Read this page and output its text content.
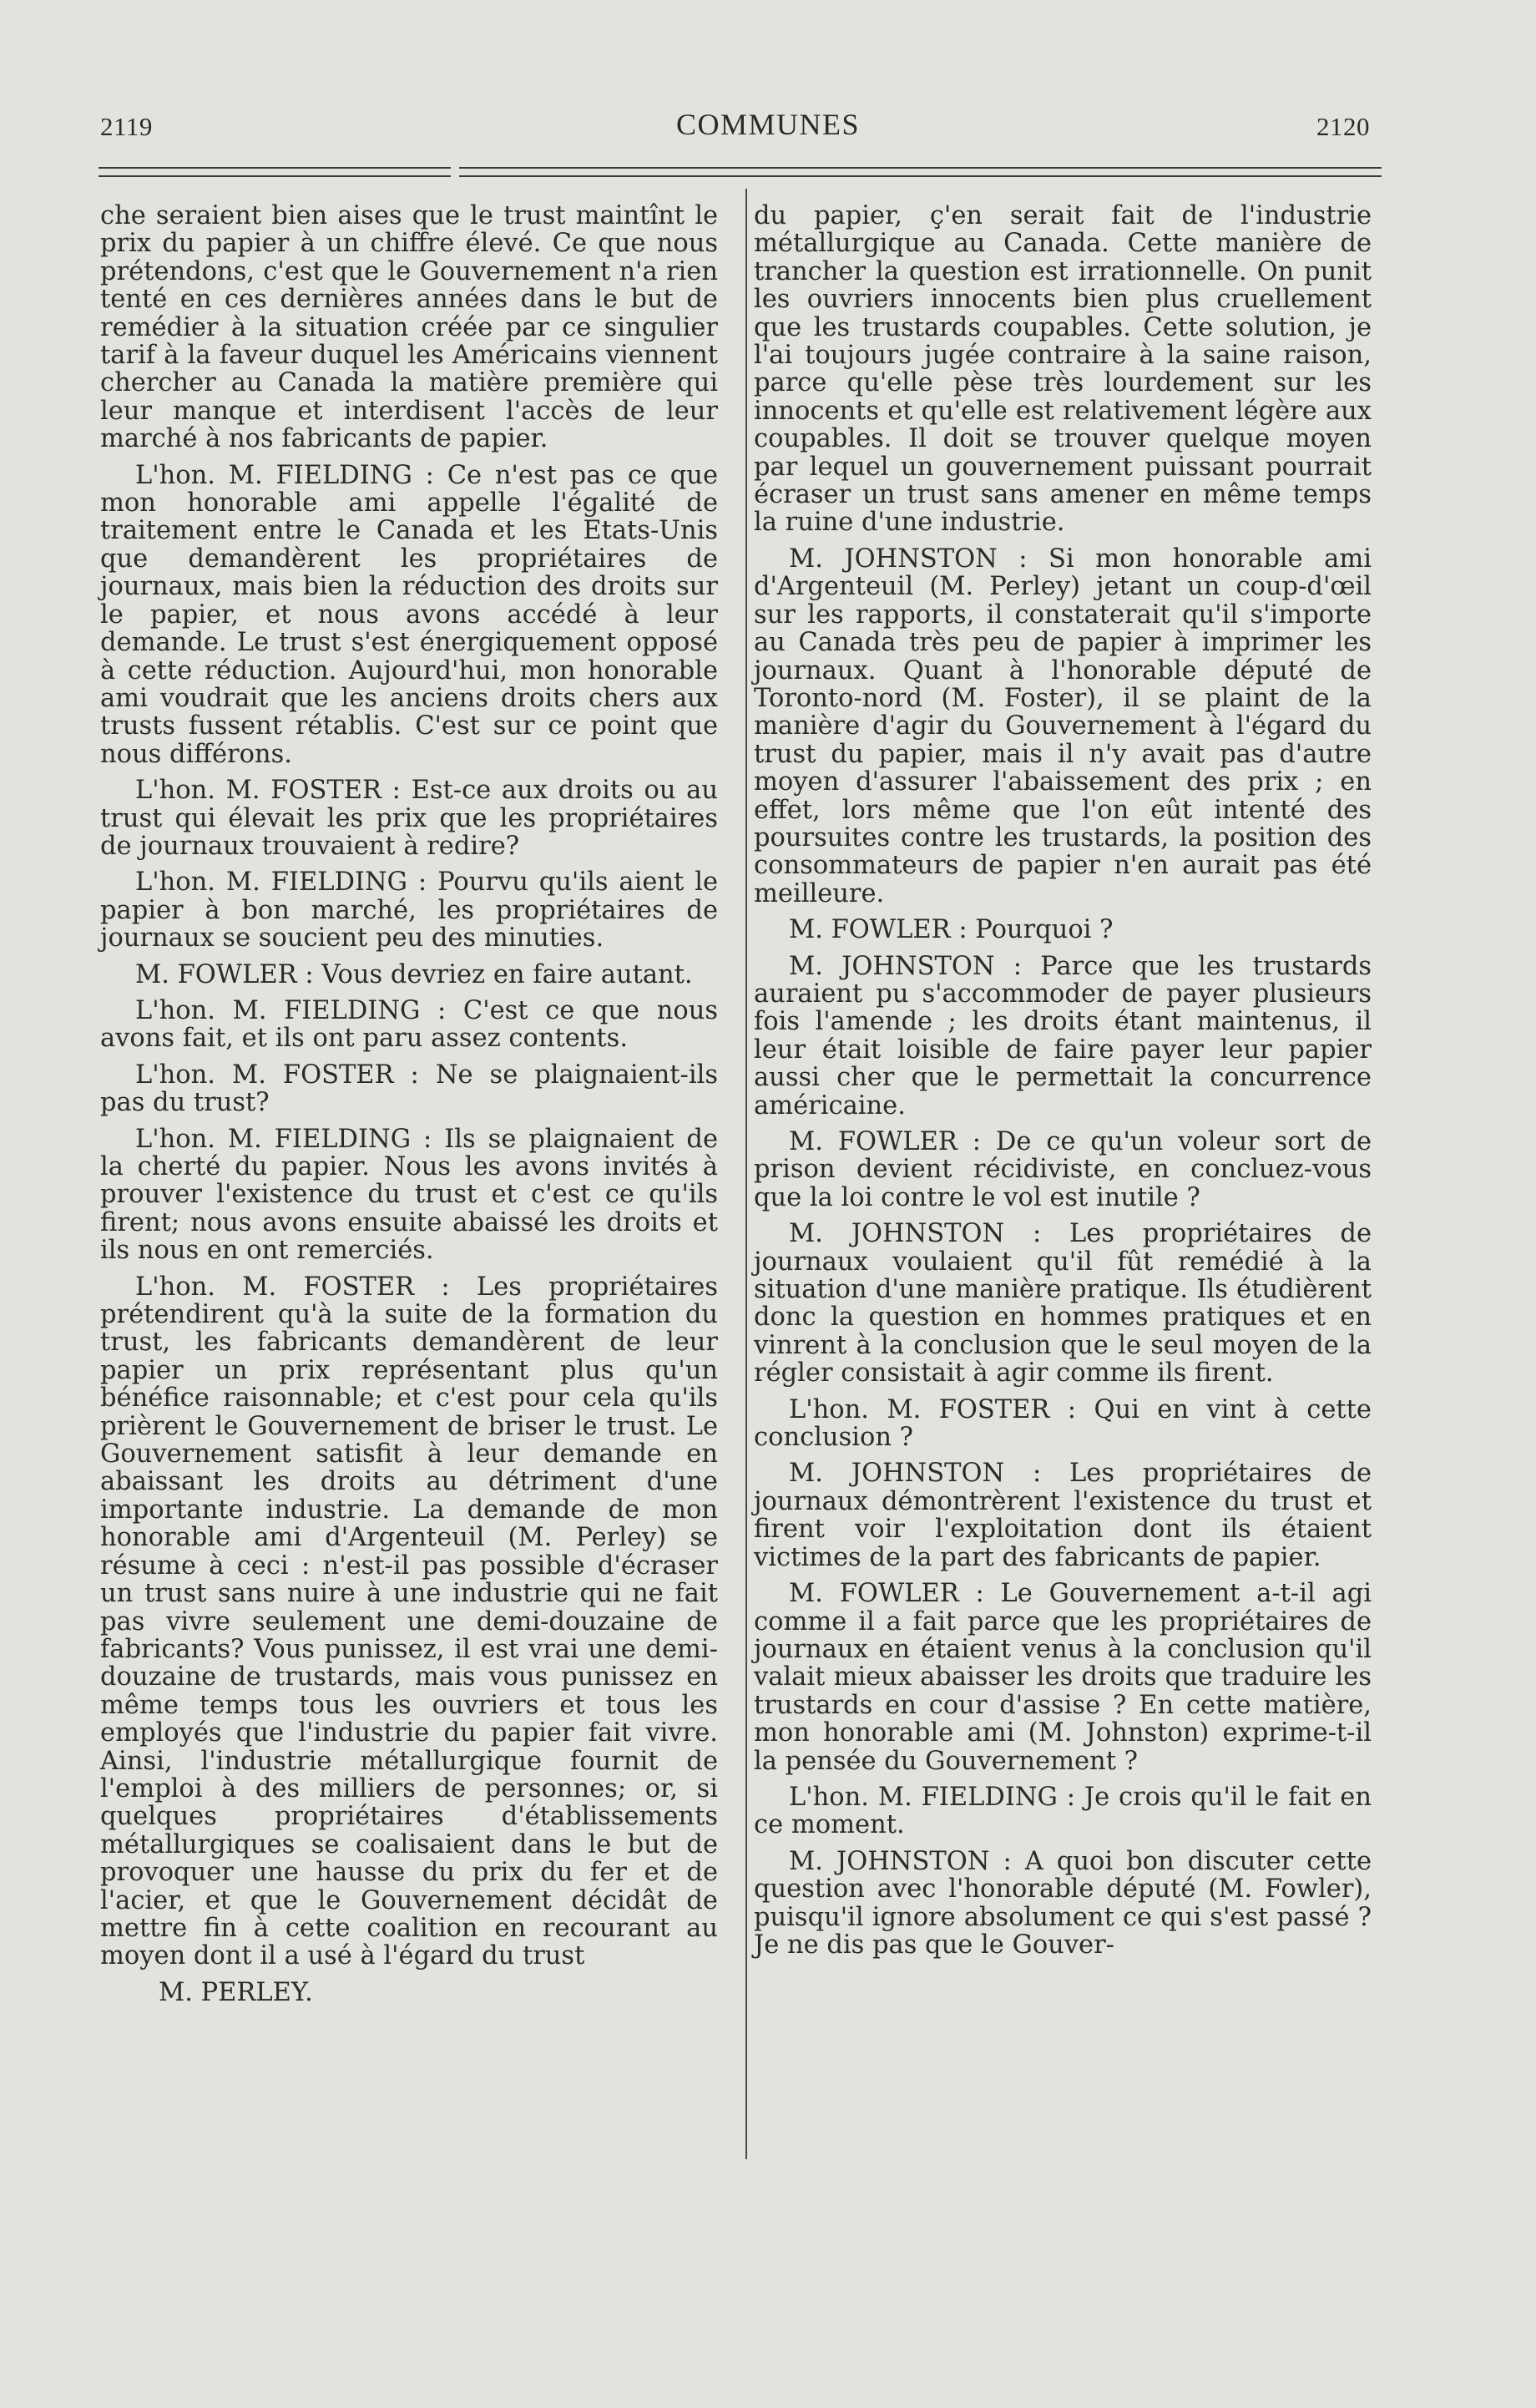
2119	COMMUNES	2120

che seraient bien aises que le trust maintînt le prix du papier à un chiffre élevé. Ce que nous prétendons, c'est que le Gouvernement n'a rien tenté en ces dernières années dans le but de remédier à la situation créée par ce singulier tarif à la faveur duquel les Américains viennent chercher au Canada la matière première qui leur manque et interdisent l'accès de leur marché à nos fabricants de papier.

L'hon. M. FIELDING : Ce n'est pas ce que mon honorable ami appelle l'égalité de traitement entre le Canada et les Etats-Unis que demandèrent les propriétaires de journaux, mais bien la réduction des droits sur le papier, et nous avons accédé à leur demande. Le trust s'est énergiquement opposé à cette réduction. Aujourd'hui, mon honorable ami voudrait que les anciens droits chers aux trusts fussent rétablis. C'est sur ce point que nous différons.

L'hon. M. FOSTER : Est-ce aux droits ou au trust qui élevait les prix que les propriétaires de journaux trouvaient à redire?

L'hon. M. FIELDING : Pourvu qu'ils aient le papier à bon marché, les propriétaires de journaux se soucient peu des minuties.

M. FOWLER : Vous devriez en faire autant.

L'hon. M. FIELDING : C'est ce que nous avons fait, et ils ont paru assez contents.

L'hon. M. FOSTER : Ne se plaignaient-ils pas du trust?

L'hon. M. FIELDING : Ils se plaignaient de la cherté du papier. Nous les avons invités à prouver l'existence du trust et c'est ce qu'ils firent; nous avons ensuite abaissé les droits et ils nous en ont remerciés.

L'hon. M. FOSTER : Les propriétaires prétendirent qu'à la suite de la formation du trust, les fabricants demandèrent de leur papier un prix représentant plus qu'un bénéfice raisonnable; et c'est pour cela qu'ils prièrent le Gouvernement de briser le trust. Le Gouvernement satisfit à leur demande en abaissant les droits au détriment d'une importante industrie. La demande de mon honorable ami d'Argenteuil (M. Perley) se résume à ceci : n'est-il pas possible d'écraser un trust sans nuire à une industrie qui ne fait pas vivre seulement une demi-douzaine de fabricants? Vous punissez, il est vrai une demi-douzaine de trustards, mais vous punissez en même temps tous les ouvriers et tous les employés que l'industrie du papier fait vivre. Ainsi, l'industrie métallurgique fournit de l'emploi à des milliers de personnes; or, si quelques propriétaires d'établissements métallurgiques se coalisaient dans le but de provoquer une hausse du prix du fer et de l'acier, et que le Gouvernement décidât de mettre fin à cette coalition en recourant au moyen dont il a usé à l'égard du trust

M. PERLEY.

du papier, ç'en serait fait de l'industrie métallurgique au Canada. Cette manière de trancher la question est irrationnelle. On punit les ouvriers innocents bien plus cruellement que les trustards coupables. Cette solution, je l'ai toujours jugée contraire à la saine raison, parce qu'elle pèse très lourdement sur les innocents et qu'elle est relativement légère aux coupables. Il doit se trouver quelque moyen par lequel un gouvernement puissant pourrait écraser un trust sans amener en même temps la ruine d'une industrie.

M. JOHNSTON : Si mon honorable ami d'Argenteuil (M. Perley) jetant un coup-d'œil sur les rapports, il constaterait qu'il s'importe au Canada très peu de papier à imprimer les journaux. Quant à l'honorable député de Toronto-nord (M. Foster), il se plaint de la manière d'agir du Gouvernement à l'égard du trust du papier, mais il n'y avait pas d'autre moyen d'assurer l'abaissement des prix ; en effet, lors même que l'on eût intenté des poursuites contre les trustards, la position des consommateurs de papier n'en aurait pas été meilleure.

M. FOWLER : Pourquoi ?

M. JOHNSTON : Parce que les trustards auraient pu s'accommoder de payer plusieurs fois l'amende ; les droits étant maintenus, il leur était loisible de faire payer leur papier aussi cher que le permettait la concurrence américaine.

M. FOWLER : De ce qu'un voleur sort de prison devient récidiviste, en concluez-vous que la loi contre le vol est inutile ?

M. JOHNSTON : Les propriétaires de journaux voulaient qu'il fût remédié à la situation d'une manière pratique. Ils étudièrent donc la question en hommes pratiques et en vinrent à la conclusion que le seul moyen de la régler consistait à agir comme ils firent.

L'hon. M. FOSTER : Qui en vint à cette conclusion ?

M. JOHNSTON : Les propriétaires de journaux démontrèrent l'existence du trust et firent voir l'exploitation dont ils étaient victimes de la part des fabricants de papier.

M. FOWLER : Le Gouvernement a-t-il agi comme il a fait parce que les propriétaires de journaux en étaient venus à la conclusion qu'il valait mieux abaisser les droits que traduire les trustards en cour d'assise ? En cette matière, mon honorable ami (M. Johnston) exprime-t-il la pensée du Gouvernement ?

L'hon. M. FIELDING : Je crois qu'il le fait en ce moment.

M. JOHNSTON : A quoi bon discuter cette question avec l'honorable député (M. Fowler), puisqu'il ignore absolument ce qui s'est passé ? Je ne dis pas que le Gouver-
